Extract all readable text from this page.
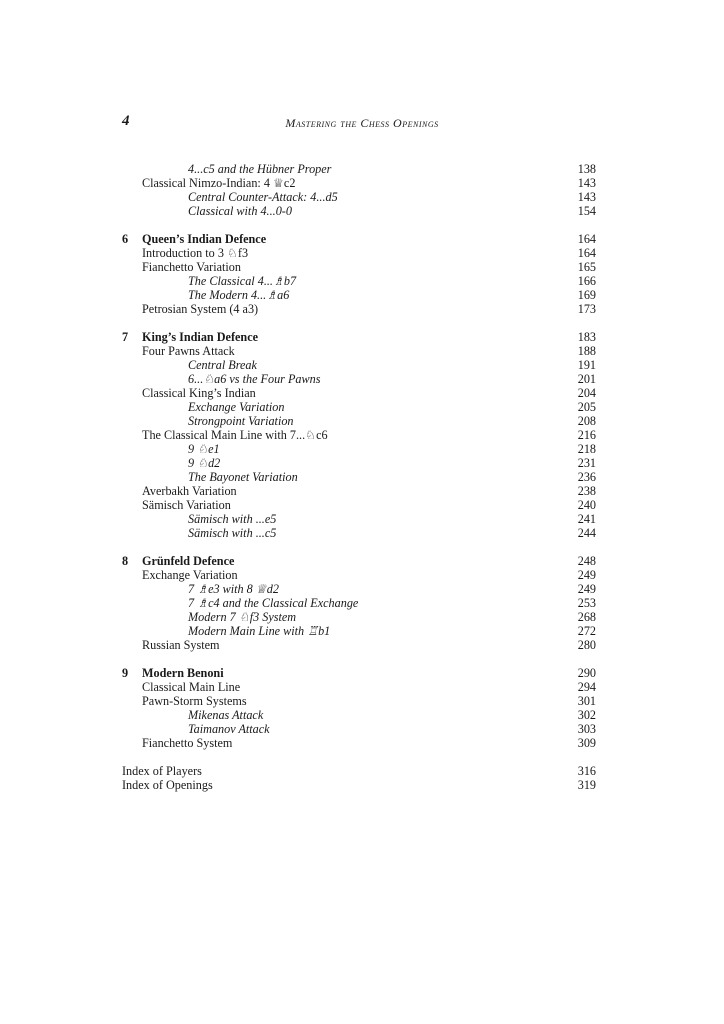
4	Mastering the Chess Openings
4...c5 and the Hübner Proper	138
Classical Nimzo-Indian: 4 ♕c2	143
Central Counter-Attack: 4...d5	143
Classical with 4...0-0	154
6 Queen’s Indian Defence	164
Introduction to 3 ♘f3	164
Fianchetto Variation	165
The Classical 4...♗b7	166
The Modern 4...♗a6	169
Petrosian System (4 a3)	173
7 King’s Indian Defence	183
Four Pawns Attack	188
Central Break	191
6...♘a6 vs the Four Pawns	201
Classical King’s Indian	204
Exchange Variation	205
Strongpoint Variation	208
The Classical Main Line with 7...♘c6	216
9 ♘e1	218
9 ♘d2	231
The Bayonet Variation	236
Averbakh Variation	238
Sämisch Variation	240
Sämisch with ...e5	241
Sämisch with ...c5	244
8 Grünfeld Defence	248
Exchange Variation	249
7 ♗e3 with 8 ♕d2	249
7 ♗c4 and the Classical Exchange	253
Modern 7 ♘f3 System	268
Modern Main Line with ♖b1	272
Russian System	280
9 Modern Benoni	290
Classical Main Line	294
Pawn-Storm Systems	301
Mikenas Attack	302
Taimanov Attack	303
Fianchetto System	309
Index of Players	316
Index of Openings	319
